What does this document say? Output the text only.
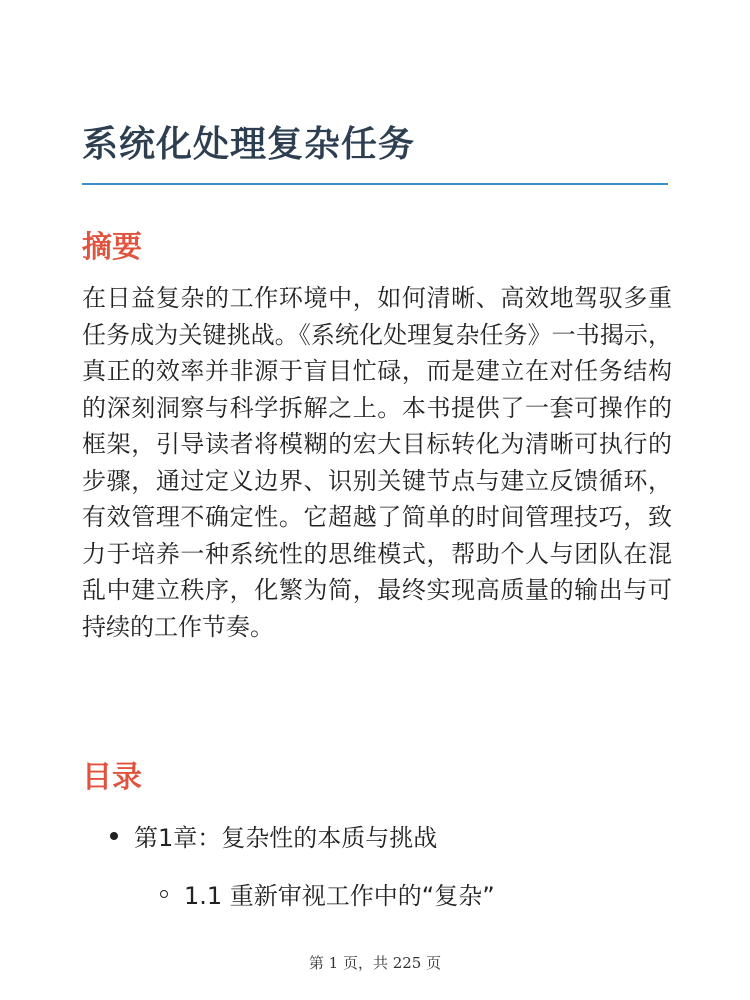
系统化处理复杂任务
摘要

在日益复杂的工作环境中，如何清晰、高效地驾驭多重任务成为关键挑战。《系统化处理复杂任务》一书揭示，真正的效率并非源于盲目忙碌，而是建立在对任务结构的深刻洞察与科学拆解之上。本书提供了一套可操作的框架，引导读者将模糊的宏大目标转化为清晰可执行的步骤，通过定义边界、识别关键节点与建立反馈循环，有效管理不确定性。它超越了简单的时间管理技巧，致力于培养一种系统性的思维模式，帮助个人与团队在混乱中建立秩序，化繁为简，最终实现高质量的输出与可持续的工作节奏。

目录
第1章：复杂性的本质与挑战
1.1 重新审视工作中的“复杂”
第 1 页，共 225 页
